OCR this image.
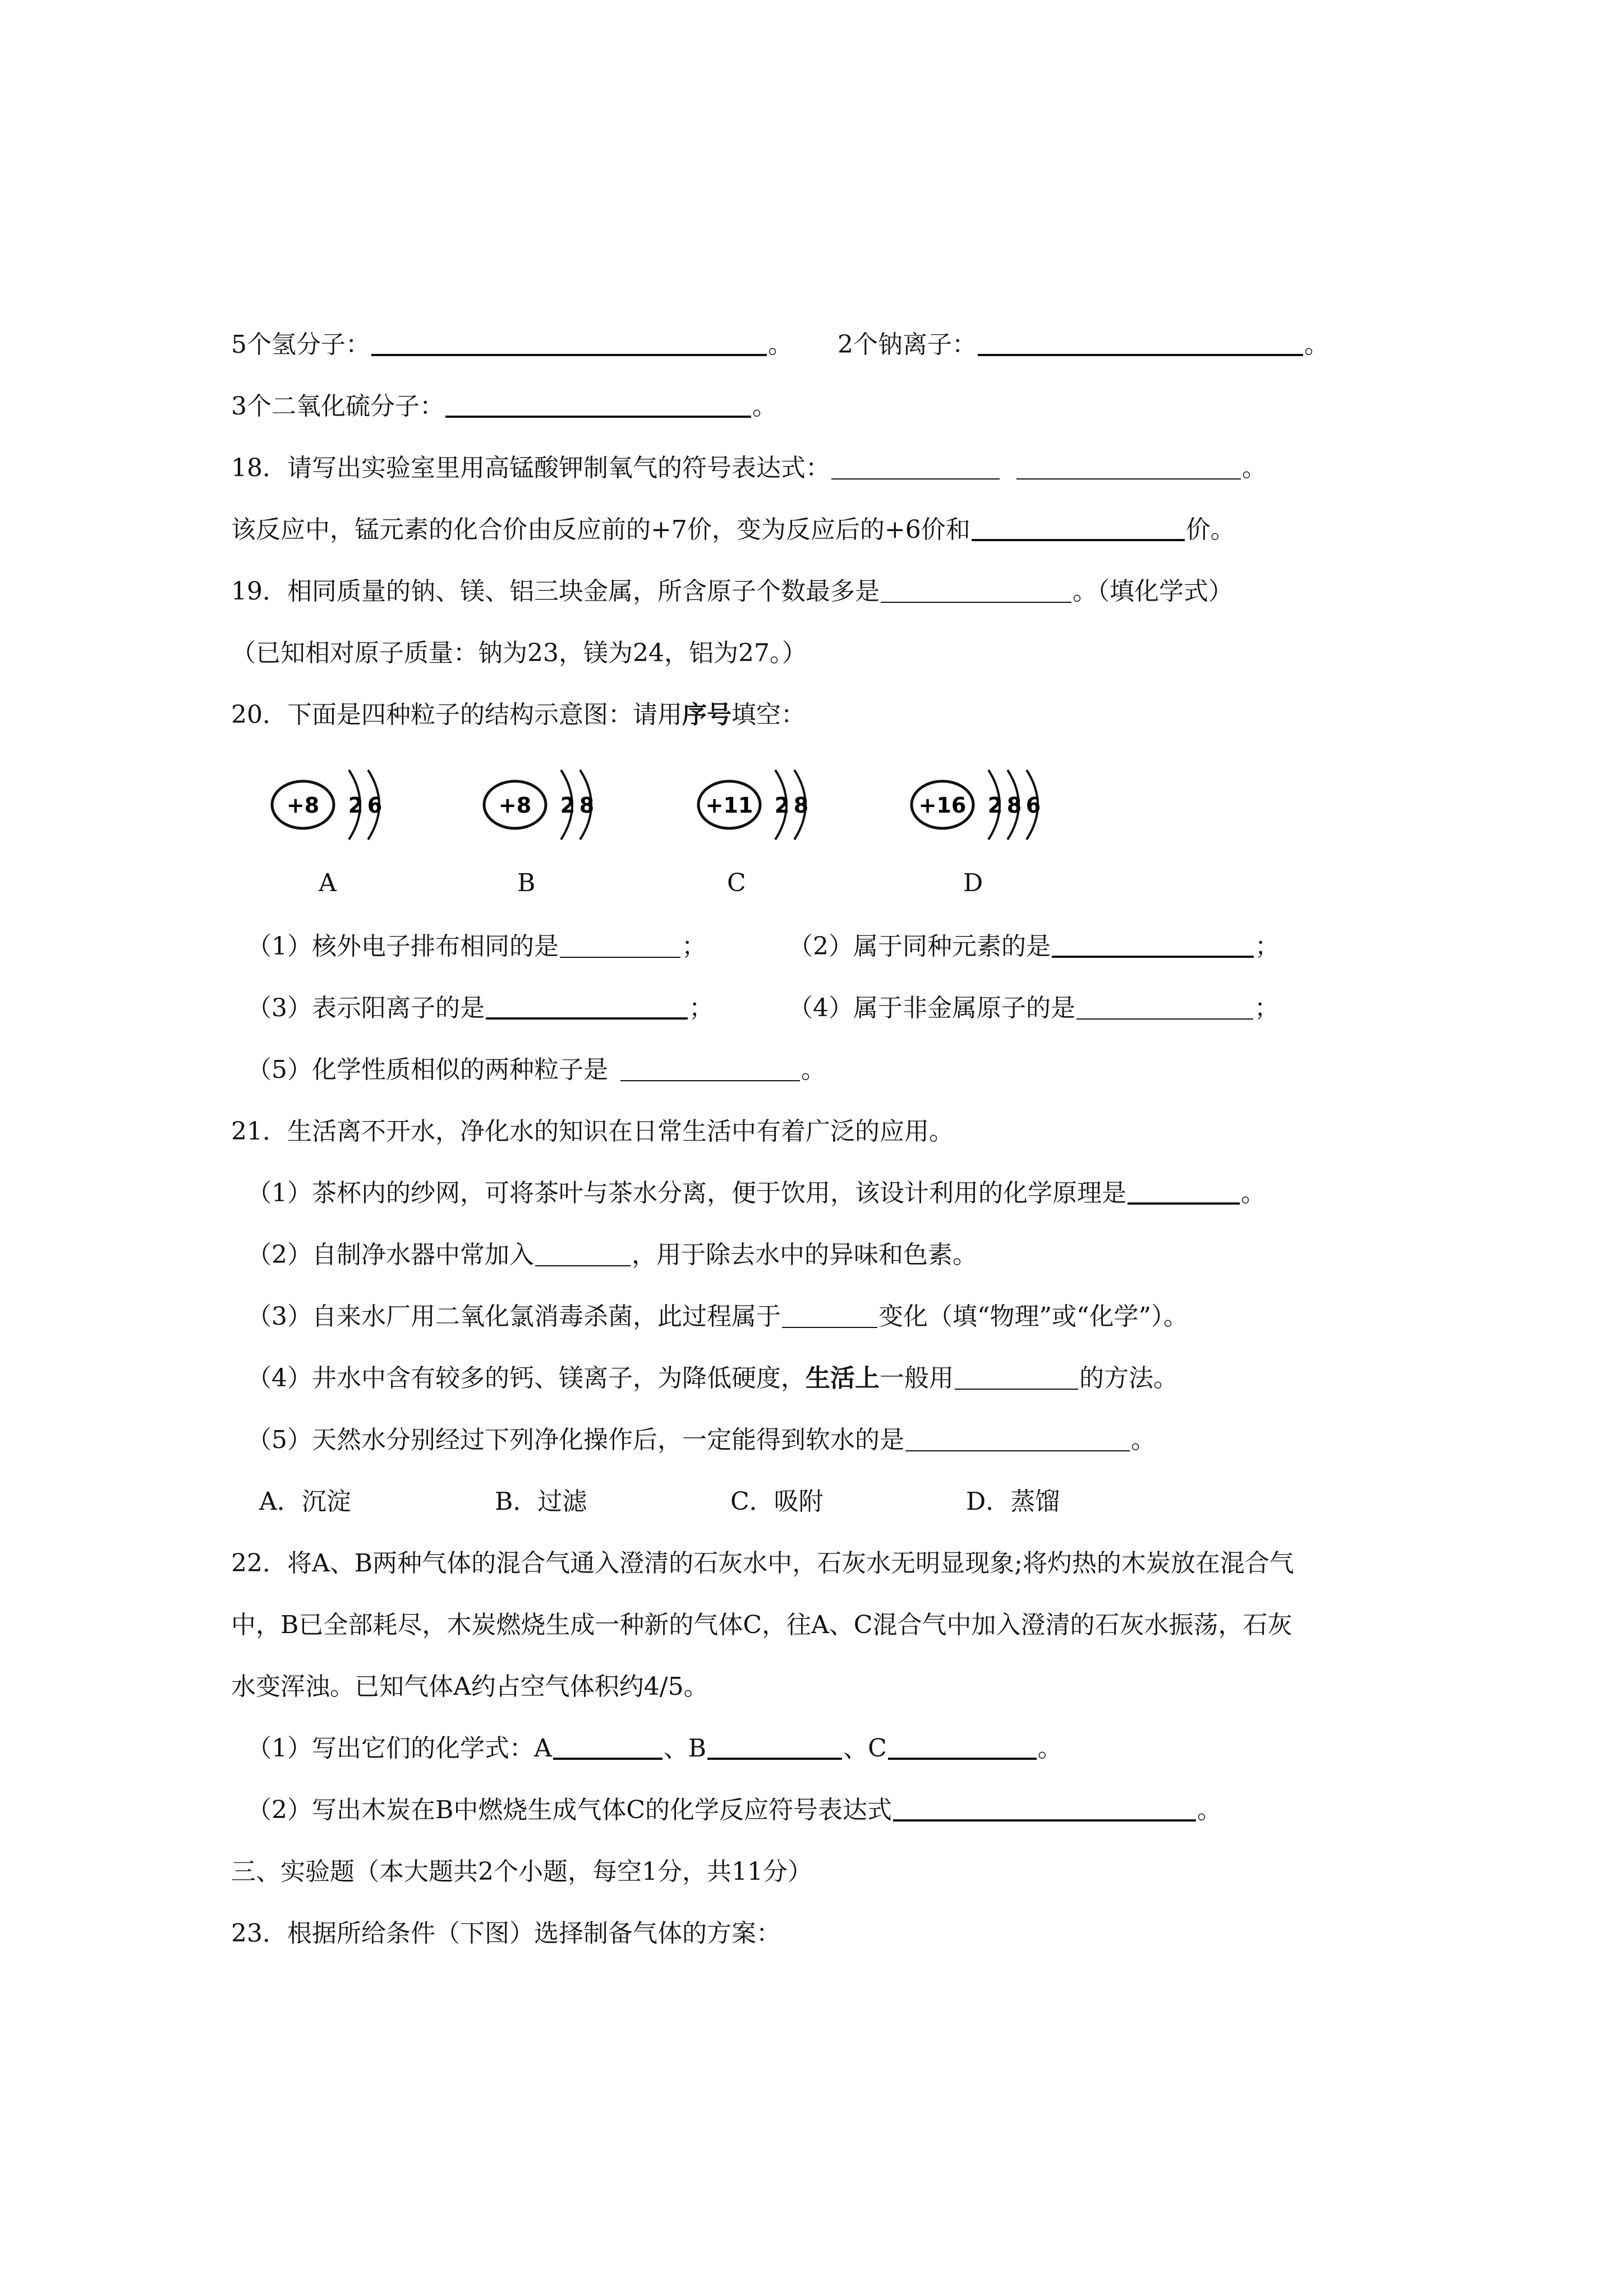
5个氢分子：	。 2个钠离子：	。
3个二氧化硫分子：	。
18．请写出实验室里用高锰酸钾制氧气的符号表达式：	。
该反应中，锰元素的化合价由反应前的+7价，变为反应后的+6价和	价。
19．相同质量的钠、镁、铝三块金属，所含原子个数最多是	。（填化学式）
（已知相对原子质量：钠为23，镁为24，铝为27。）
20．下面是四种粒子的结构示意图：请用序号填空：
+8 2 6	+8 2 8	+11 2 8	+16 2 8 6
A	B	C	D
（1）核外电子排布相同的是	；	（2）属于同种元素的是	；
（3）表示阳离子的是	；	（4）属于非金属原子的是	；
（5）化学性质相似的两种粒子是	。
21．生活离不开水，净化水的知识在日常生活中有着广泛的应用。
（1）茶杯内的纱网，可将茶叶与茶水分离，便于饮用，该设计利用的化学原理是	。
（2）自制净水器中常加入	，用于除去水中的异味和色素。
（3）自来水厂用二氧化氯消毒杀菌，此过程属于	变化（填“物理”或“化学”）。
（4）井水中含有较多的钙、镁离子，为降低硬度，生活上一般用	的方法。
（5）天然水分别经过下列净化操作后，一定能得到软水的是	。
A．沉淀	B．过滤	C．吸附	D．蒸馏
22．将A、B两种气体的混合气通入澄清的石灰水中，石灰水无明显现象;将灼热的木炭放在混合气
中，B已全部耗尽，木炭燃烧生成一种新的气体C，往A、C混合气中加入澄清的石灰水振荡，石灰
水变浑浊。已知气体A约占空气体积约4/5。
（1）写出它们的化学式：A	、B	、C	。
（2）写出木炭在B中燃烧生成气体C的化学反应符号表达式	。
三、实验题（本大题共2个小题，每空1分，共11分）
23．根据所给条件（下图）选择制备气体的方案：
